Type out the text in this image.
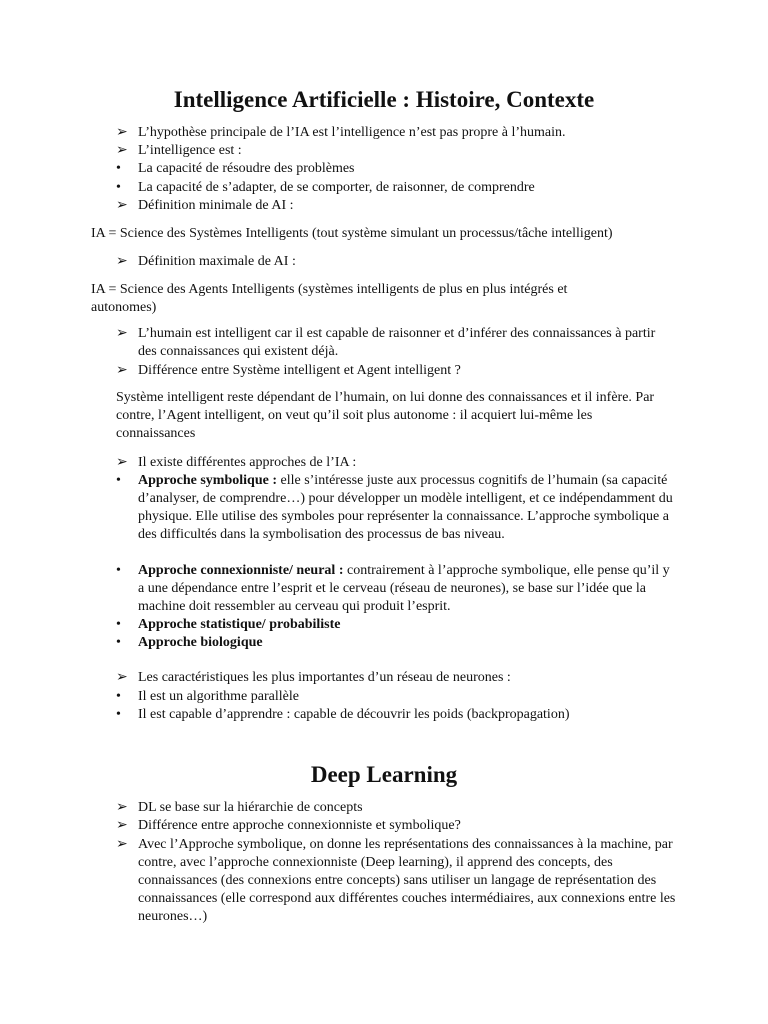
Intelligence Artificielle : Histoire, Contexte
➢ L’hypothèse principale de l’IA est l’intelligence n’est pas propre à l’humain.
➢ L’intelligence est :
•	La capacité de résoudre des problèmes
•	La capacité de s’adapter, de se comporter, de raisonner, de comprendre
➢ Définition minimale de AI :

IA = Science des Systèmes Intelligents (tout système simulant un processus/tâche intelligent)

➢ Définition maximale de AI :

IA = Science des Agents Intelligents (systèmes intelligents de plus en plus intégrés et autonomes)

➢ L’humain est intelligent car il est capable de raisonner et d’inférer des connaissances à partir des connaissances qui existent déjà.
➢ Différence entre Système intelligent et Agent intelligent ?

Système intelligent reste dépendant de l’humain, on lui donne des connaissances et il infère. Par contre, l’Agent intelligent, on veut qu’il soit plus autonome : il acquiert lui-même les connaissances

➢ Il existe différentes approches de l’IA :
•	Approche symbolique : elle s’intéresse juste aux processus cognitifs de l’humain (sa capacité d’analyser, de comprendre…) pour développer un modèle intelligent, et ce indépendamment du physique. Elle utilise des symboles pour représenter la connaissance. L’approche symbolique a des difficultés dans la symbolisation des processus de bas niveau.
•	Approche connexionniste/ neural : contrairement à l’approche symbolique, elle pense qu’il y a une dépendance entre l’esprit et le cerveau (réseau de neurones), se base sur l’idée que la machine doit ressembler au cerveau qui produit l’esprit.
•	Approche statistique/ probabiliste
•	Approche biologique
➢ Les caractéristiques les plus importantes d’un réseau de neurones :
•	Il est un algorithme parallèle
•	Il est capable d’apprendre : capable de découvrir les poids (backpropagation)
Deep Learning
➢ DL se base sur la hiérarchie de concepts
➢ Différence entre approche connexionniste et symbolique?
➢ Avec l’Approche symbolique, on donne les représentations des connaissances à la machine, par contre, avec l’approche connexionniste (Deep learning), il apprend des concepts, des connaissances (des connexions entre concepts) sans utiliser un langage de représentation des connaissances (elle correspond aux différentes couches intermédiaires, aux connexions entre les neurones…)
